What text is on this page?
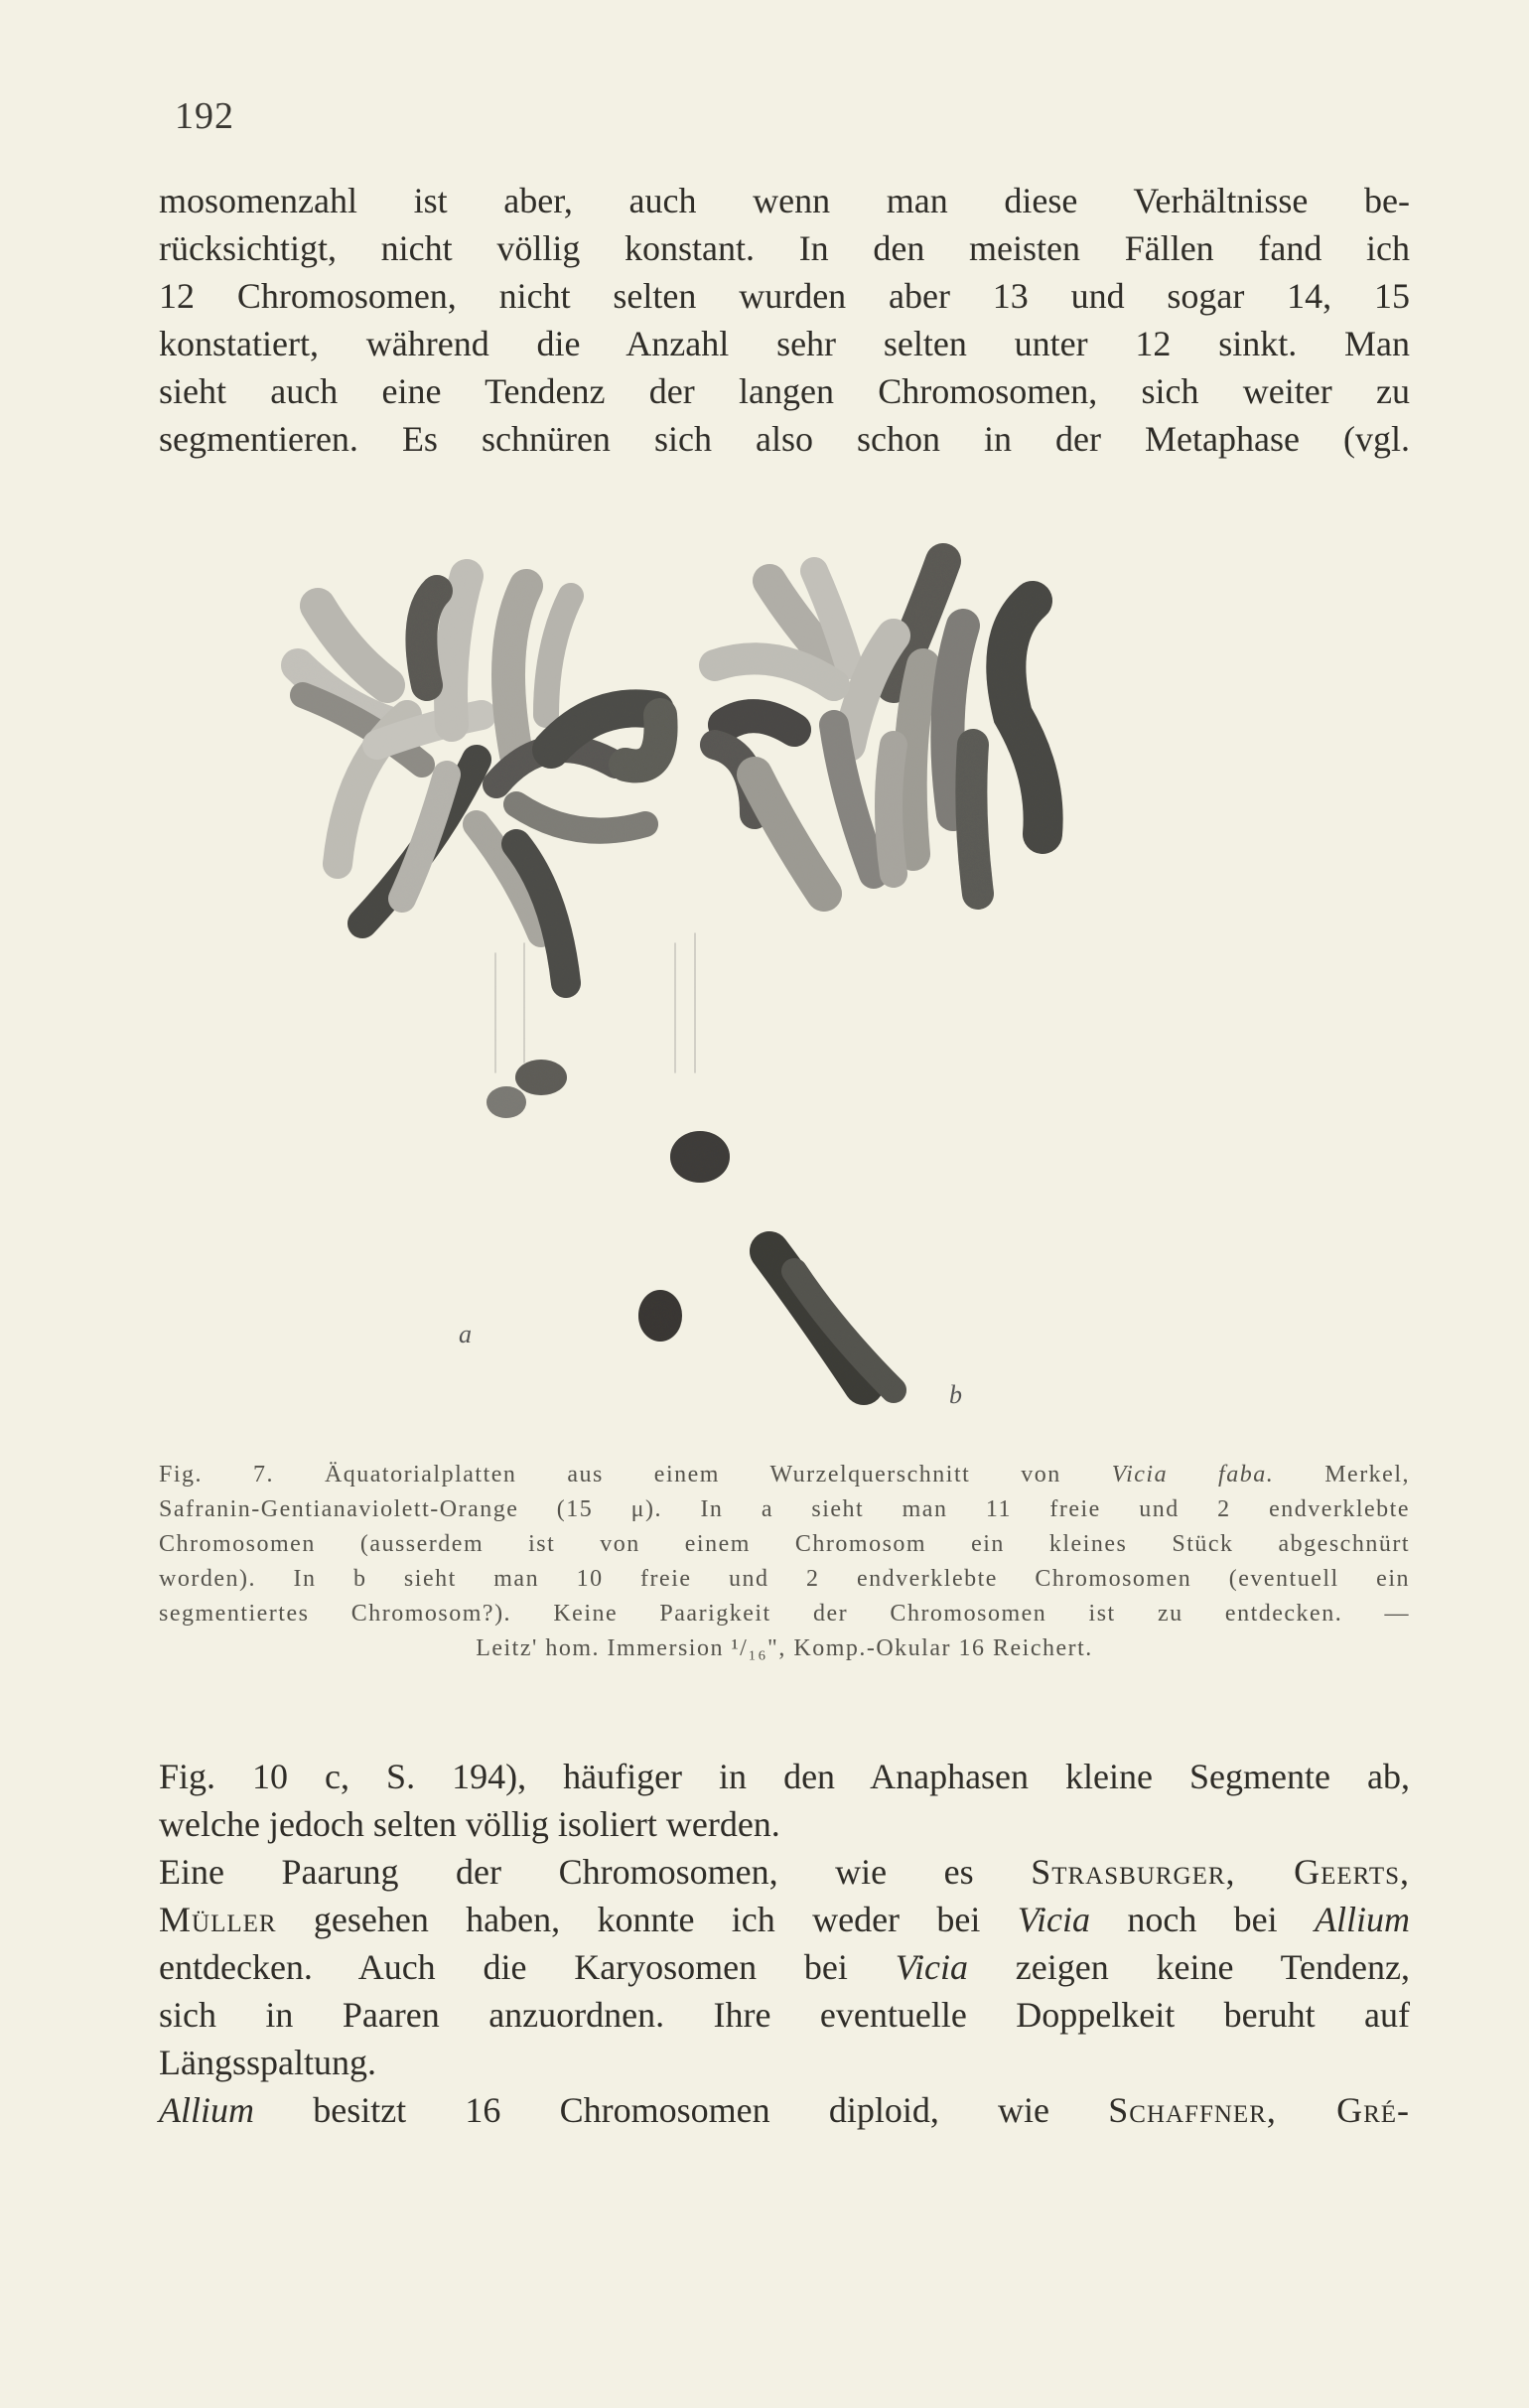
192

mosomenzahl ist aber, auch wenn man diese Verhältnisse be-

rücksichtigt, nicht völlig konstant. In den meisten Fällen fand ich

12 Chromosomen, nicht selten wurden aber 13 und sogar 14, 15

konstatiert, während die Anzahl sehr selten unter 12 sinkt. Man

sieht auch eine Tendenz der langen Chromosomen, sich weiter zu

segmentieren. Es schnüren sich also schon in der Metaphase (vgl.

a
b
Fig. 7. Äquatorialplatten aus einem Wurzelquerschnitt von Vicia faba. Merkel,
Safranin-Gentianaviolett-Orange (15 μ). In a sieht man 11 freie und 2 endverklebte
Chromosomen (ausserdem ist von einem Chromosom ein kleines Stück abgeschnürt
worden). In b sieht man 10 freie und 2 endverklebte Chromosomen (eventuell ein
segmentiertes Chromosom?). Keine Paarigkeit der Chromosomen ist zu entdecken. —
Leitz' hom. Immersion ¹/₁₆", Komp.-Okular 16 Reichert.

Fig. 10 c, S. 194), häufiger in den Anaphasen kleine Segmente ab,

welche jedoch selten völlig isoliert werden.

Eine Paarung der Chromosomen, wie es Strasburger, Geerts,

Müller gesehen haben, konnte ich weder bei Vicia noch bei Allium

entdecken. Auch die Karyosomen bei Vicia zeigen keine Tendenz,

sich in Paaren anzuordnen. Ihre eventuelle Doppelkeit beruht auf

Längsspaltung.

Allium besitzt 16 Chromosomen diploid, wie Schaffner, Gré-
